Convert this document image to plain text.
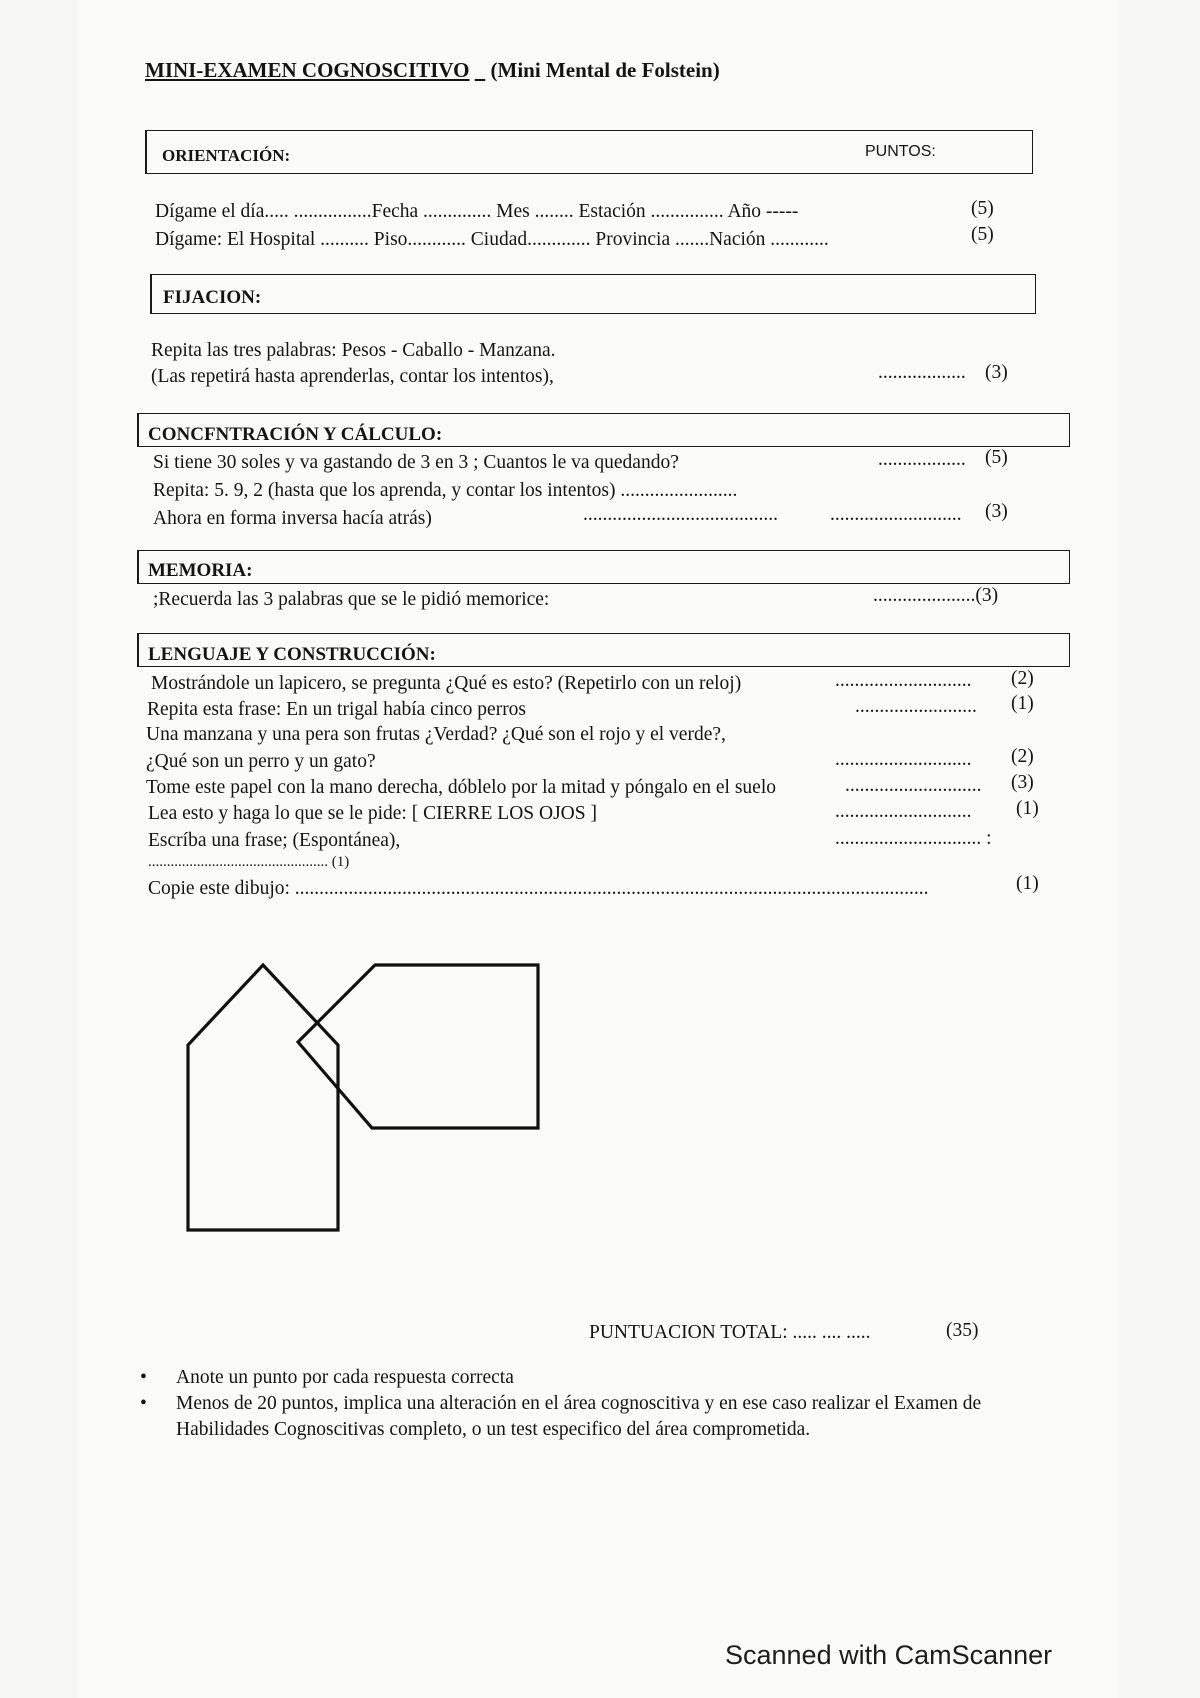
MINI-EXAMEN COGNOSCITIVO (Mini Mental de Folstein)
ORIENTACIÓN:	PUNTOS:
Dígame el día..... ................Fecha .............. Mes ........ Estación ............... Año -----	(5)
Dígame: El Hospital .......... Piso............ Ciudad............. Provincia .......Nación ............	(5)
FIJACION:
Repita las tres palabras: Pesos - Caballo - Manzana.
(Las repetirá hasta aprenderlas, contar los intentos),	.................. (3)
CONCFNTRACIÓN Y CÁLCULO:
Si tiene 30 soles y va gastando de 3 en 3 ; Cuantos le va quedando?	.................. (5)
Repita: 5. 9, 2 (hasta que los aprenda, y contar los intentos) ........................
Ahora en forma inversa hacía atrás)	........................................	........................... (3)
MEMORIA:
;Recuerda las 3 palabras que se le pidió memorice:	.....................(3)
LENGUAJE Y CONSTRUCCIÓN:
Mostrándole un lapicero, se pregunta ¿Qué es esto? (Repetirlo con un reloj)	............................ (2)
Repita esta frase: En un trigal había cinco perros	......................... (1)
Una manzana y una pera son frutas ¿Verdad? ¿Qué son el rojo y el verde?,
¿Qué son un perro y un gato?	............................ (2)
Tome este papel con la mano derecha, dóblelo por la mitad y póngalo en el suelo	............................ (3)
Lea esto y haga lo que se le pide: [ CIERRE LOS OJOS ]	............................ (1)
Escríba una frase; (Espontánea),	.............................. :
................................................ (1)
Copie este dibujo: ..................................................................................................................................	(1)
PUNTUACION TOTAL: ..... .... .....	(35)
• Anote un punto por cada respuesta correcta
• Menos de 20 puntos, implica una alteración en el área cognoscitiva y en ese caso realizar el Examen de Habilidades Cognoscitivas completo, o un test especifico del área comprometida.
Scanned with CamScanner
